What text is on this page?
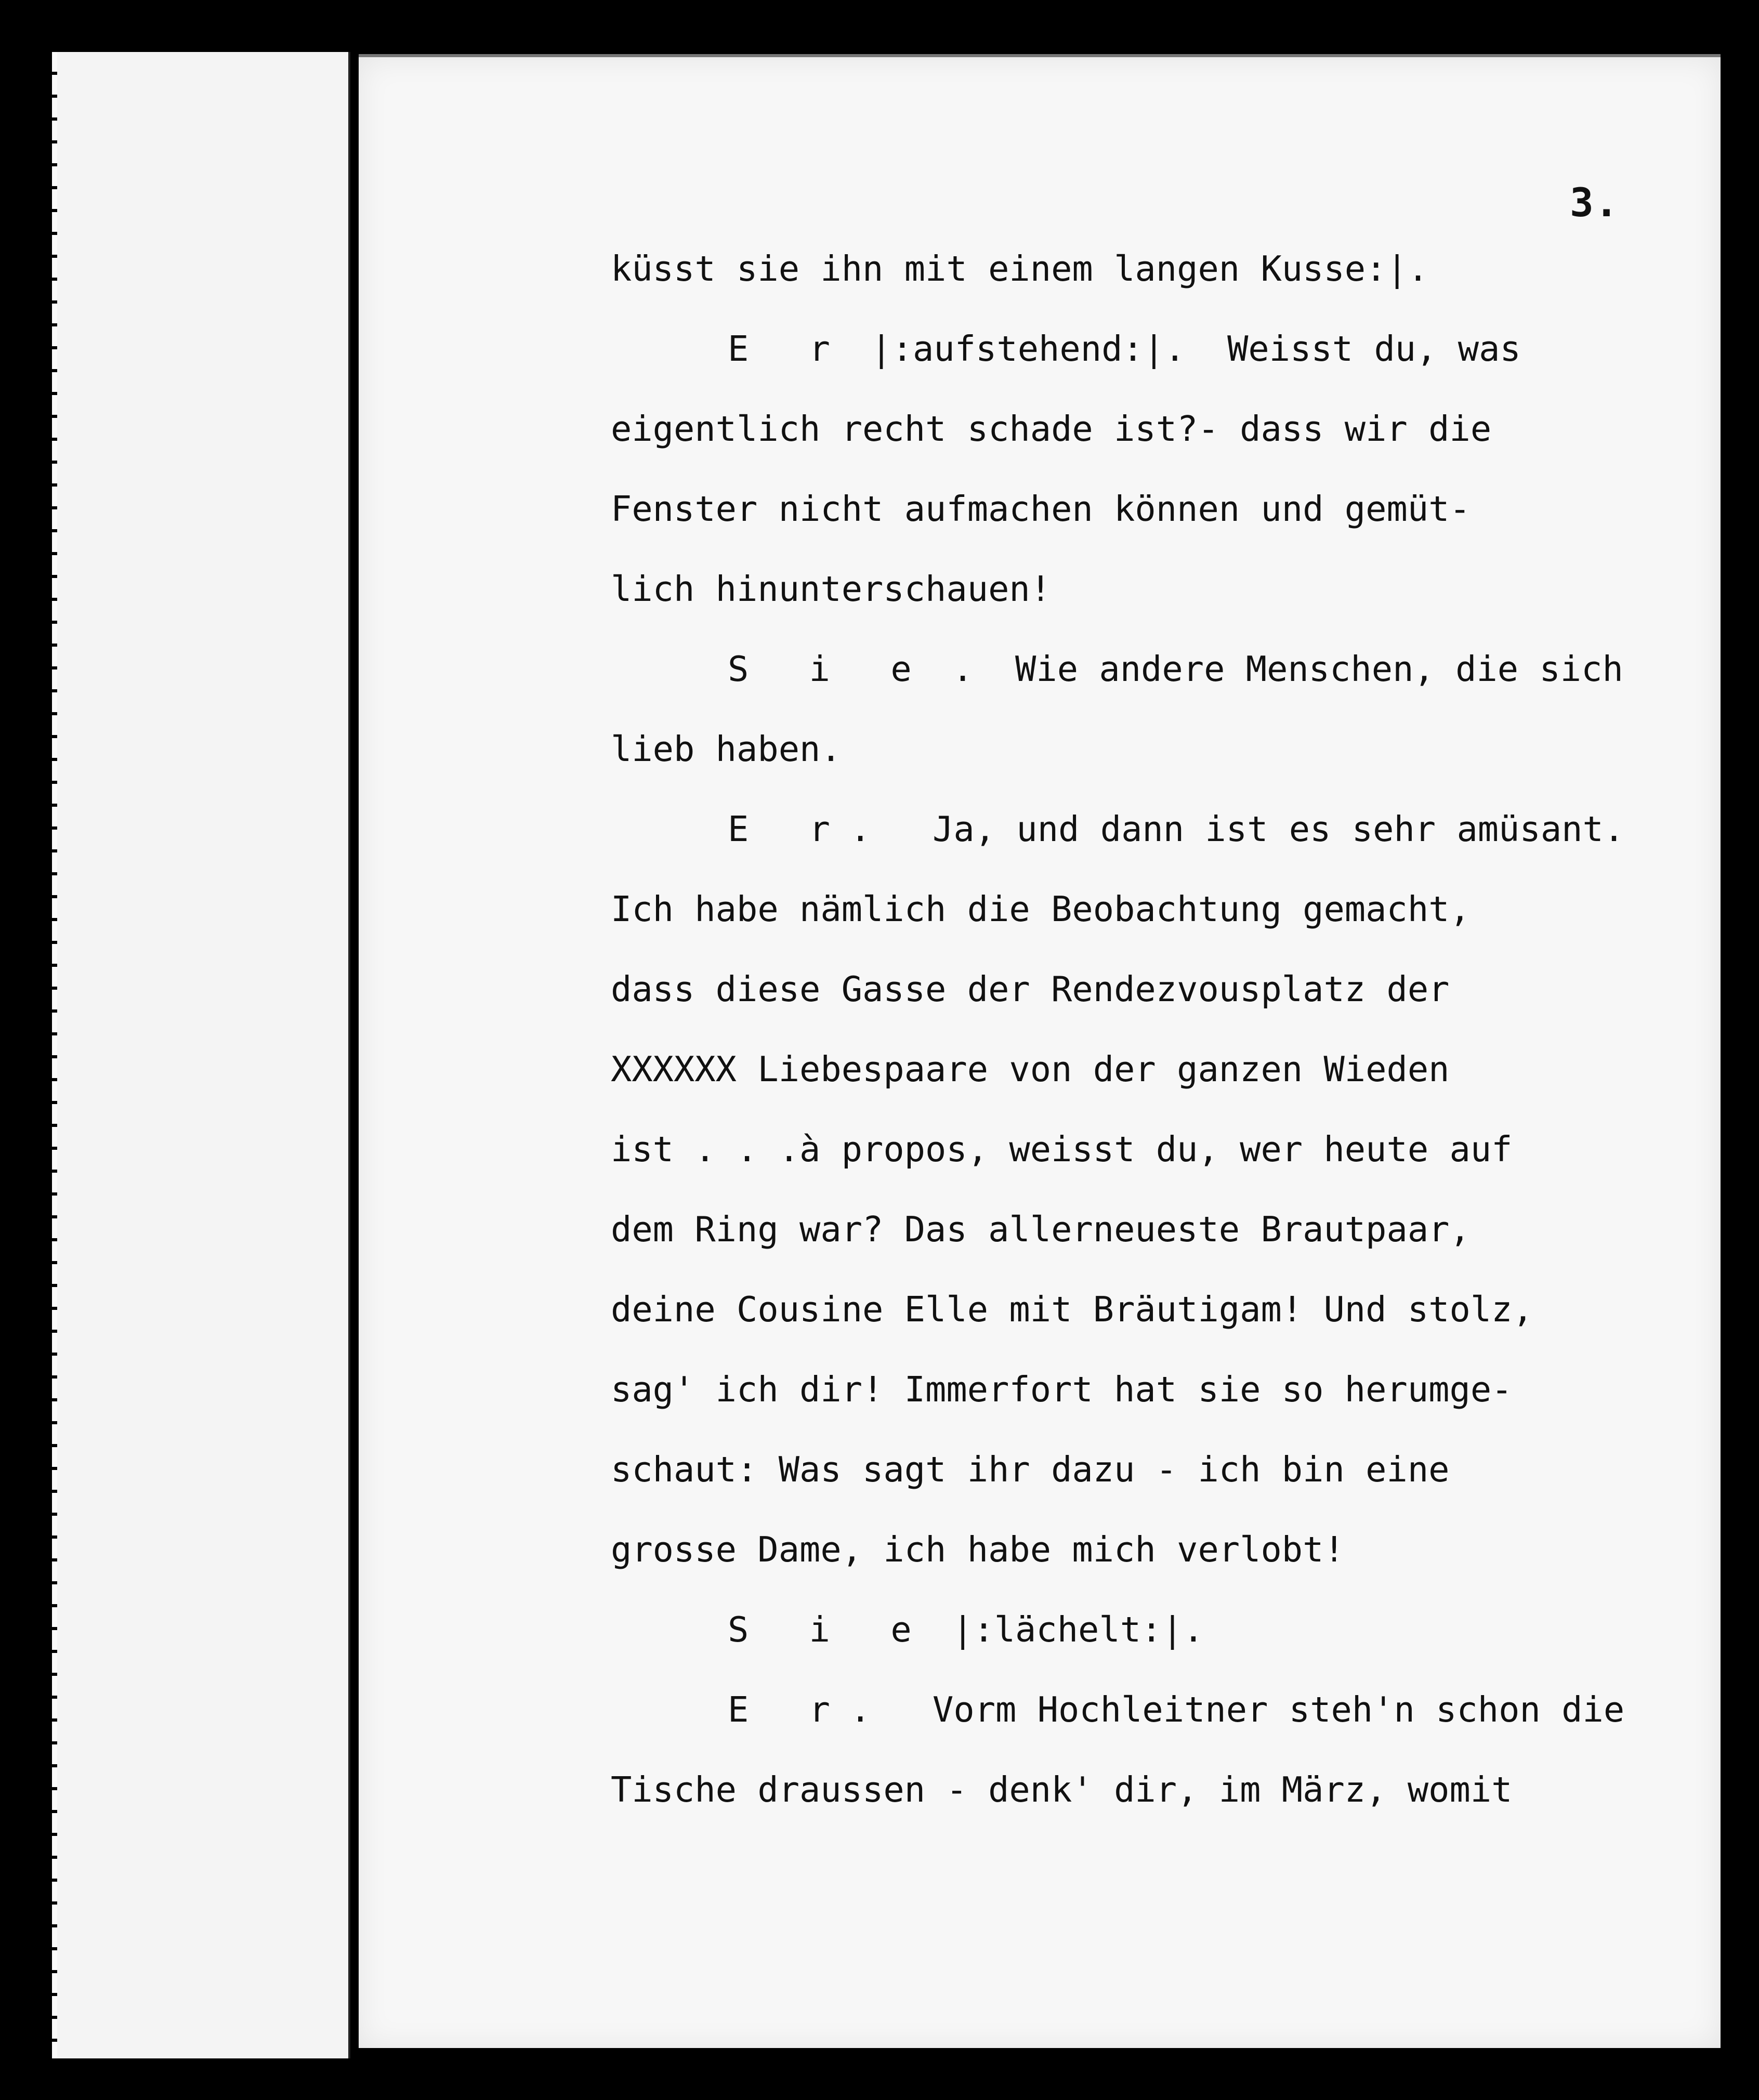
3.
küsst sie ihn mit einem langen Kusse:|.
E r |:aufstehend:|.  Weisst du, was
eigentlich recht schade ist?- dass wir die
Fenster nicht aufmachen können und gemüt-
lich hinunterschauen!
S i e .  Wie andere Menschen, die sich
lieb haben.
E r.  Ja, und dann ist es sehr amüsant.
Ich habe nämlich die Beobachtung gemacht,
dass diese Gasse der Rendezvousplatz der
XXXXXX Liebespaare von der ganzen Wieden
ist . . .à propos, weisst du, wer heute auf
dem Ring war? Das allerneueste Brautpaar,
deine Cousine Elle mit Bräutigam! Und stolz,
sag' ich dir! Immerfort hat sie so herumge-
schaut: Was sagt ihr dazu - ich bin eine
grosse Dame, ich habe mich verlobt!
S i e |:lächelt:|.
E r.  Vorm Hochleitner steh'n schon die
Tische draussen - denk' dir, im März, womit
